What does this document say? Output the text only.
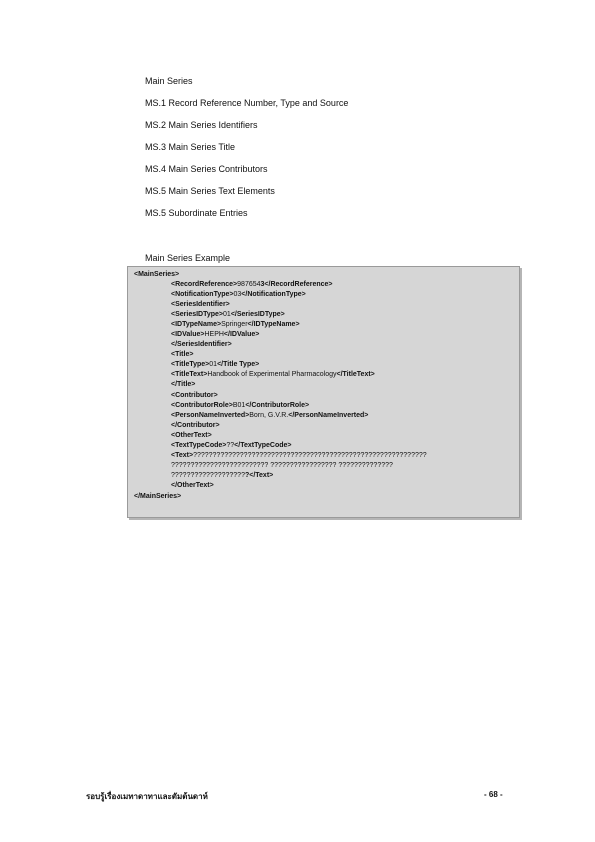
Main Series
MS.1 Record Reference Number, Type and Source
MS.2 Main Series Identifiers
MS.3 Main Series Title
MS.4 Main Series Contributors
MS.5 Main Series Text Elements
MS.5 Subordinate Entries
Main Series Example
<MainSeries>
<RecordReference>9876543</RecordReference>
<NotificationType>03</NotificationType>
<SeriesIdentifier>
<SeriesIDType>01</SeriesIDType>
<IDTypeName>Springer</IDTypeName>
<IDValue>HEPH</IDValue>
</SeriesIdentifier>
<Title>
<TitleType>01</Title Type>
<TitleText>Handbook of Experimental Pharmacology</TitleText>
</Title>
<Contributor>
<ContributorRole>B01</ContributorRole>
<PersonNameInverted>Born, G.V.R.</PersonNameInverted>
</Contributor>
<OtherText>
<TextTypeCode>??</TextTypeCode>
<Text>????????????????????????????????????????????????????????????
????????????????????????? ????????????????? ??????????????
????????????????????</Text>
</OtherText>
</MainSeries>
รอบรู้เรื่องเมทาดาทาและตัมต้นดาห์	- 68 -
